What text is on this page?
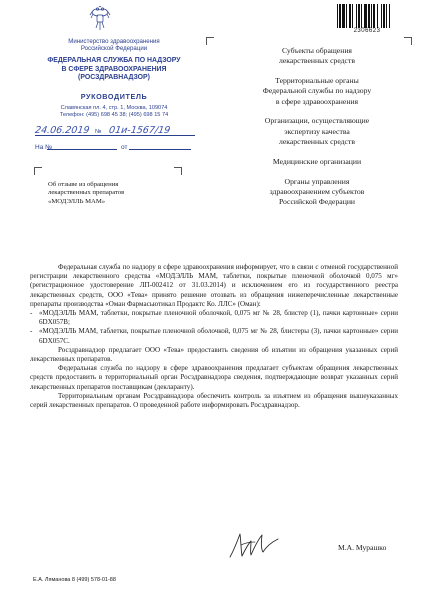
2306623
Министерство здравоохранения
Российской Федерации
ФЕДЕРАЛЬНАЯ СЛУЖБА ПО НАДЗОРУ
В СФЕРЕ ЗДРАВООХРАНЕНИЯ
(РОСЗДРАВНАДЗОР)
РУКОВОДИТЕЛЬ
Славянская пл. 4, стр. 1, Москва, 109074
Телефон: (495) 698 45 38; (495) 698 15 74
24.06.2019 № 01и-1567/19
На №	от
Об отзыве из обращения
лекарственных препаратов
«МОДЭЛЛЬ МАМ»
Субъекты обращения
лекарственных средств
Территориальные органы
Федеральной службы по надзору
в сфере здравоохранения
Организации, осуществляющие
экспертизу качества
лекарственных средств
Медицинские организации
Органы управления
здравоохранением субъектов
Российской Федерации

Федеральная служба по надзору в сфере здравоохранения информирует, что в связи с отменой государственной регистрации лекарственного средства «МОДЭЛЛЬ МАМ, таблетки, покрытые пленочной оболочкой 0,075 мг» (регистрационное удостоверение ЛП-002412 от 31.03.2014) и исключением его из государственного реестра лекарственных средств, ООО «Тева» принято решение отозвать из обращения нижеперечисленные лекарственные препараты производства «Оман Фармасьютикал Продактс Ко. ЛЛС» (Оман):

- «МОДЭЛЛЬ МАМ, таблетки, покрытые пленочной оболочкой, 0,075 мг № 28, блистер (1), пачки картонные» серии 6DX057B;

- «МОДЭЛЛЬ МАМ, таблетки, покрытые пленочной оболочкой, 0,075 мг № 28, блистеры (3), пачки картонные» серии 6DX057C.

Росздравнадзор предлагает ООО «Тева» предоставить сведения об изъятии из обращения указанных серий лекарственных препаратов.

Федеральная служба по надзору в сфере здравоохранения предлагает субъектам обращения лекарственных средств предоставить в территориальный орган Росздравнадзора сведения, подтверждающие возврат указанных серий лекарственных препаратов поставщикам (декларанту).

Территориальным органам Росздравнадзора обеспечить контроль за изъятием из обращения вышеуказанных серий лекарственных препаратов. О проведенной работе информировать Росздравнадзор.

М.А. Мурашко
Е.А. Ляманова 8 (499) 578-01-88
